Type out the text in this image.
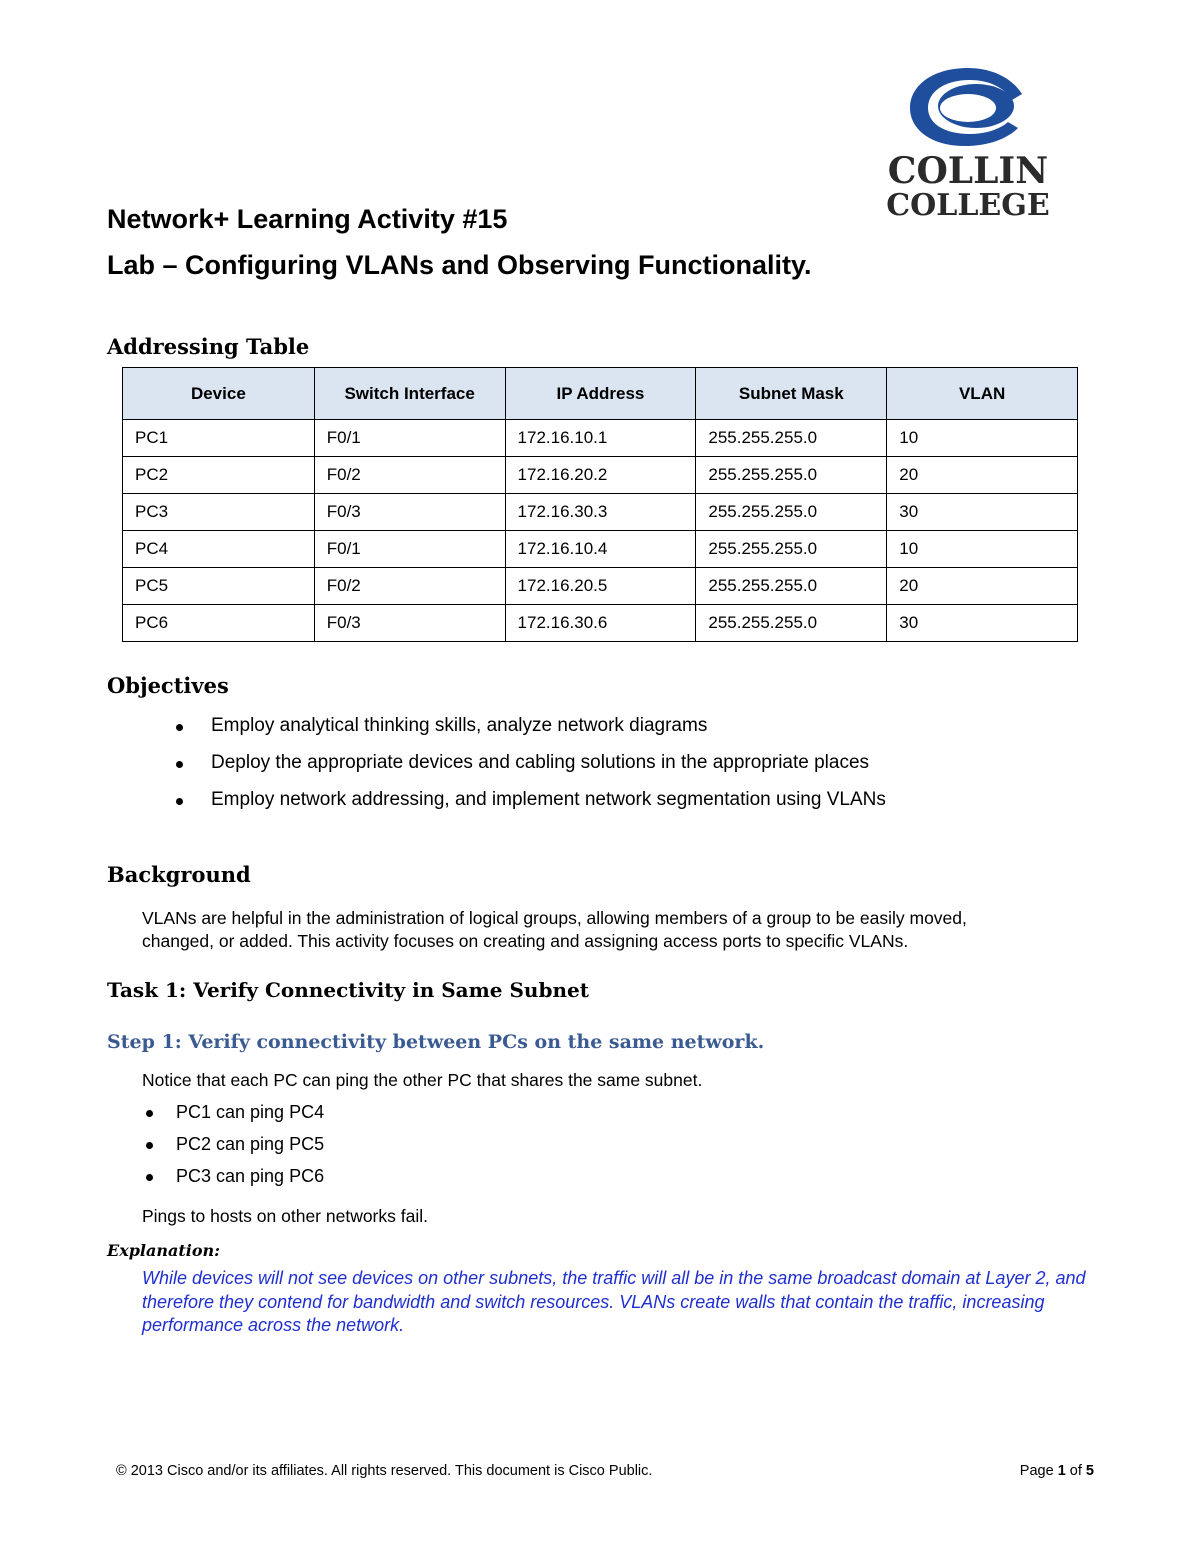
COLLIN
COLLEGE

Network+ Learning Activity #15

Lab – Configuring VLANs and Observing Functionality.

Addressing Table
Device	Switch Interface	IP Address	Subnet Mask	VLAN
PC1	F0/1	172.16.10.1	255.255.255.0	10
PC2	F0/2	172.16.20.2	255.255.255.0	20
PC3	F0/3	172.16.30.3	255.255.255.0	30
PC4	F0/1	172.16.10.4	255.255.255.0	10
PC5	F0/2	172.16.20.5	255.255.255.0	20
PC6	F0/3	172.16.30.6	255.255.255.0	30
Objectives
Employ analytical thinking skills, analyze network diagrams
Deploy the appropriate devices and cabling solutions in the appropriate places
Employ network addressing, and implement network segmentation using VLANs
Background

VLANs are helpful in the administration of logical groups, allowing members of a group to be easily moved,
changed, or added. This activity focuses on creating and assigning access ports to specific VLANs.

Task 1: Verify Connectivity in Same Subnet
Step 1: Verify connectivity between PCs on the same network.

Notice that each PC can ping the other PC that shares the same subnet.

PC1 can ping PC4
PC2 can ping PC5
PC3 can ping PC6

Pings to hosts on other networks fail.

Explanation:

While devices will not see devices on other subnets, the traffic will all be in the same broadcast domain at Layer 2, and therefore they contend for bandwidth and switch resources. VLANs create walls that contain the traffic, increasing performance across the network.

© 2013 Cisco and/or its affiliates. All rights reserved. This document is Cisco Public.	Page 1 of 5
